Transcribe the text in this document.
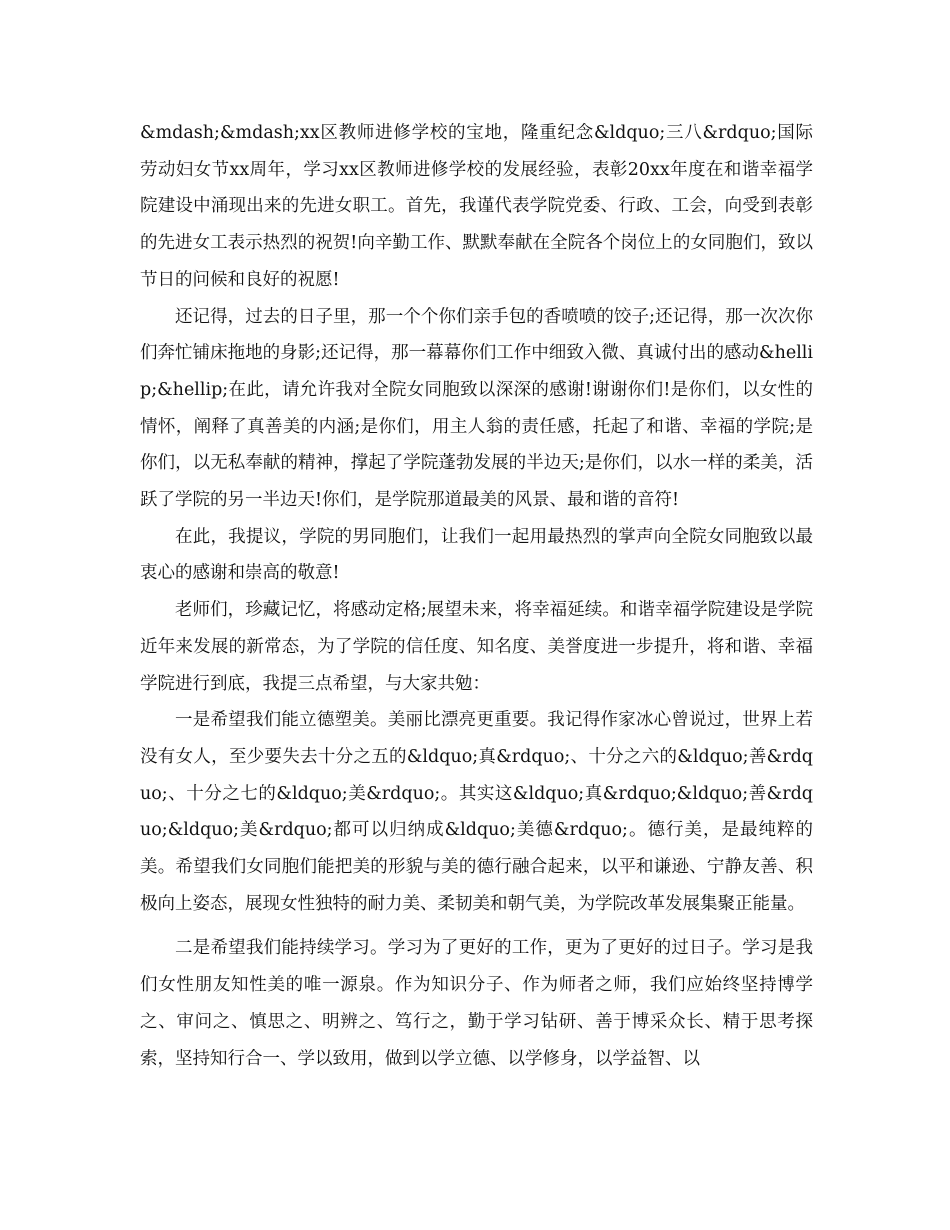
&mdash;&mdash;xx区教师进修学校的宝地，隆重纪念&ldquo;三八&rdquo;国际劳动妇女节xx周年，学习xx区教师进修学校的发展经验，表彰20xx年度在和谐幸福学院建设中涌现出来的先进女职工。首先，我谨代表学院党委、行政、工会，向受到表彰的先进女工表示热烈的祝贺!向辛勤工作、默默奉献在全院各个岗位上的女同胞们，致以节日的问候和良好的祝愿!

还记得，过去的日子里，那一个个你们亲手包的香喷喷的饺子;还记得，那一次次你们奔忙铺床拖地的身影;还记得，那一幕幕你们工作中细致入微、真诚付出的感动&hellip;&hellip;在此，请允许我对全院女同胞致以深深的感谢!谢谢你们!是你们，以女性的情怀，阐释了真善美的内涵;是你们，用主人翁的责任感，托起了和谐、幸福的学院;是你们，以无私奉献的精神，撑起了学院蓬勃发展的半边天;是你们，以水一样的柔美，活跃了学院的另一半边天!你们，是学院那道最美的风景、最和谐的音符!

在此，我提议，学院的男同胞们，让我们一起用最热烈的掌声向全院女同胞致以最衷心的感谢和崇高的敬意!

老师们，珍藏记忆，将感动定格;展望未来，将幸福延续。和谐幸福学院建设是学院近年来发展的新常态，为了学院的信任度、知名度、美誉度进一步提升，将和谐、幸福学院进行到底，我提三点希望，与大家共勉：

一是希望我们能立德塑美。美丽比漂亮更重要。我记得作家冰心曾说过，世界上若没有女人，至少要失去十分之五的&ldquo;真&rdquo;、十分之六的&ldquo;善&rdquo;、十分之七的&ldquo;美&rdquo;。其实这&ldquo;真&rdquo;&ldquo;善&rdquo;&ldquo;美&rdquo;都可以归纳成&ldquo;美德&rdquo;。德行美，是最纯粹的美。希望我们女同胞们能把美的形貌与美的德行融合起来，以平和谦逊、宁静友善、积极向上姿态，展现女性独特的耐力美、柔韧美和朝气美，为学院改革发展集聚正能量。

二是希望我们能持续学习。学习为了更好的工作，更为了更好的过日子。学习是我们女性朋友知性美的唯一源泉。作为知识分子、作为师者之师，我们应始终坚持博学之、审问之、慎思之、明辨之、笃行之，勤于学习钻研、善于博采众长、精于思考探索，坚持知行合一、学以致用，做到以学立德、以学修身，以学益智、以
